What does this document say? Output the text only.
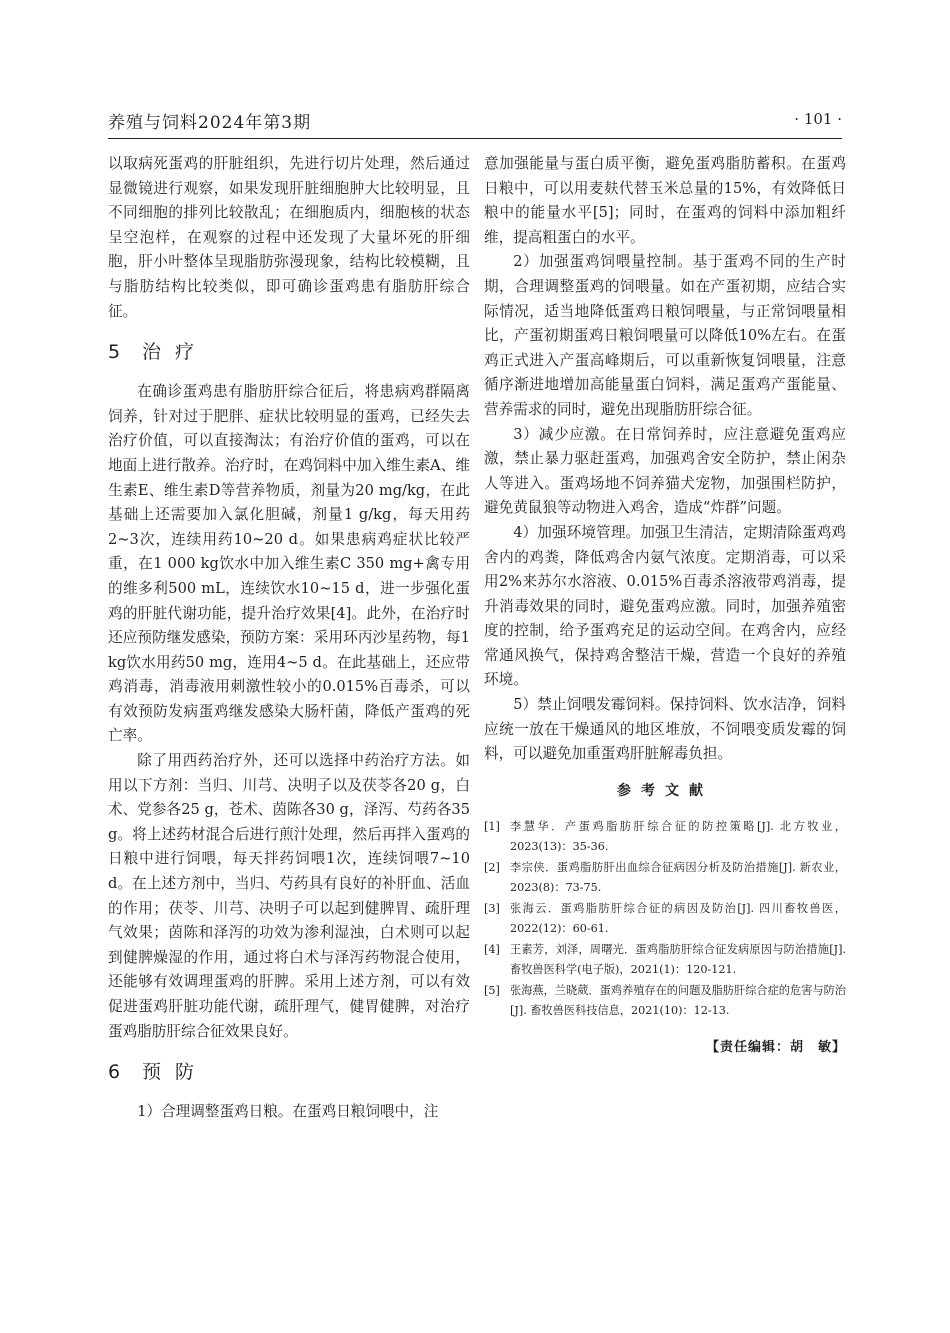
养殖与饲料2024年第3期	· 101 ·

以取病死蛋鸡的肝脏组织，先进行切片处理，然后通过显微镜进行观察，如果发现肝脏细胞肿大比较明显，且不同细胞的排列比较散乱；在细胞质内，细胞核的状态呈空泡样，在观察的过程中还发现了大量坏死的肝细胞，肝小叶整体呈现脂肪弥漫现象，结构比较模糊，且与脂肪结构比较类似，即可确诊蛋鸡患有脂肪肝综合征。

5 治疗

在确诊蛋鸡患有脂肪肝综合征后，将患病鸡群隔离饲养，针对过于肥胖、症状比较明显的蛋鸡，已经失去治疗价值，可以直接淘汰；有治疗价值的蛋鸡，可以在地面上进行散养。治疗时，在鸡饲料中加入维生素A、维生素E、维生素D等营养物质，剂量为20 mg/kg，在此基础上还需要加入氯化胆碱，剂量1 g/kg，每天用药2~3次，连续用药10~20 d。如果患病鸡症状比较严重，在1 000 kg饮水中加入维生素C 350 mg+禽专用的维多利500 mL，连续饮水10~15 d，进一步强化蛋鸡的肝脏代谢功能，提升治疗效果[4]。此外，在治疗时还应预防继发感染，预防方案：采用环丙沙星药物，每1 kg饮水用药50 mg，连用4~5 d。在此基础上，还应带鸡消毒，消毒液用刺激性较小的0.015%百毒杀，可以有效预防发病蛋鸡继发感染大肠杆菌，降低产蛋鸡的死亡率。

除了用西药治疗外，还可以选择中药治疗方法。如用以下方剂：当归、川芎、决明子以及茯苓各20 g，白术、党参各25 g，苍术、茵陈各30 g，泽泻、芍药各35 g。将上述药材混合后进行煎汁处理，然后再拌入蛋鸡的日粮中进行饲喂，每天拌药饲喂1次，连续饲喂7~10 d。在上述方剂中，当归、芍药具有良好的补肝血、活血的作用；茯苓、川芎、决明子可以起到健脾胃、疏肝理气效果；茵陈和泽泻的功效为渗利湿浊，白术则可以起到健脾燥湿的作用，通过将白术与泽泻药物混合使用，还能够有效调理蛋鸡的肝脾。采用上述方剂，可以有效促进蛋鸡肝脏功能代谢，疏肝理气，健胃健脾，对治疗蛋鸡脂肪肝综合征效果良好。

6 预防

1）合理调整蛋鸡日粮。在蛋鸡日粮饲喂中，注

意加强能量与蛋白质平衡，避免蛋鸡脂肪蓄积。在蛋鸡日粮中，可以用麦麸代替玉米总量的15%，有效降低日粮中的能量水平[5]；同时，在蛋鸡的饲料中添加粗纤维，提高粗蛋白的水平。

2）加强蛋鸡饲喂量控制。基于蛋鸡不同的生产时期，合理调整蛋鸡的饲喂量。如在产蛋初期，应结合实际情况，适当地降低蛋鸡日粮饲喂量，与正常饲喂量相比，产蛋初期蛋鸡日粮饲喂量可以降低10%左右。在蛋鸡正式进入产蛋高峰期后，可以重新恢复饲喂量，注意循序渐进地增加高能量蛋白饲料，满足蛋鸡产蛋能量、营养需求的同时，避免出现脂肪肝综合征。

3）减少应激。在日常饲养时，应注意避免蛋鸡应激，禁止暴力驱赶蛋鸡，加强鸡舍安全防护，禁止闲杂人等进入。蛋鸡场地不饲养猫犬宠物，加强围栏防护，避免黄鼠狼等动物进入鸡舍，造成“炸群”问题。

4）加强环境管理。加强卫生清洁，定期清除蛋鸡鸡舍内的鸡粪，降低鸡舍内氨气浓度。定期消毒，可以采用2%来苏尔水溶液、0.015%百毒杀溶液带鸡消毒，提升消毒效果的同时，避免蛋鸡应激。同时，加强养殖密度的控制，给予蛋鸡充足的运动空间。在鸡舍内，应经常通风换气，保持鸡舍整洁干燥，营造一个良好的养殖环境。

5）禁止饲喂发霉饲料。保持饲料、饮水洁净，饲料应统一放在干燥通风的地区堆放，不饲喂变质发霉的饲料，可以避免加重蛋鸡肝脏解毒负担。

参考文献
[1] 李慧华．产蛋鸡脂肪肝综合征的防控策略[J]. 北方牧业，2023(13)：35-36.
[2] 李宗侠．蛋鸡脂肪肝出血综合征病因分析及防治措施[J]. 新农业，2023(8)：73-75.
[3] 张海云．蛋鸡脂肪肝综合征的病因及防治[J]. 四川畜牧兽医，2022(12)：60-61.
[4] 王素芳，刘泽，周曙光．蛋鸡脂肪肝综合征发病原因与防治措施[J]. 畜牧兽医科学(电子版)，2021(1)：120-121.
[5] 张海燕，兰晓葳．蛋鸡养殖存在的问题及脂肪肝综合症的危害与防治[J]. 畜牧兽医科技信息，2021(10)：12-13.
【责任编辑：胡　敏】
